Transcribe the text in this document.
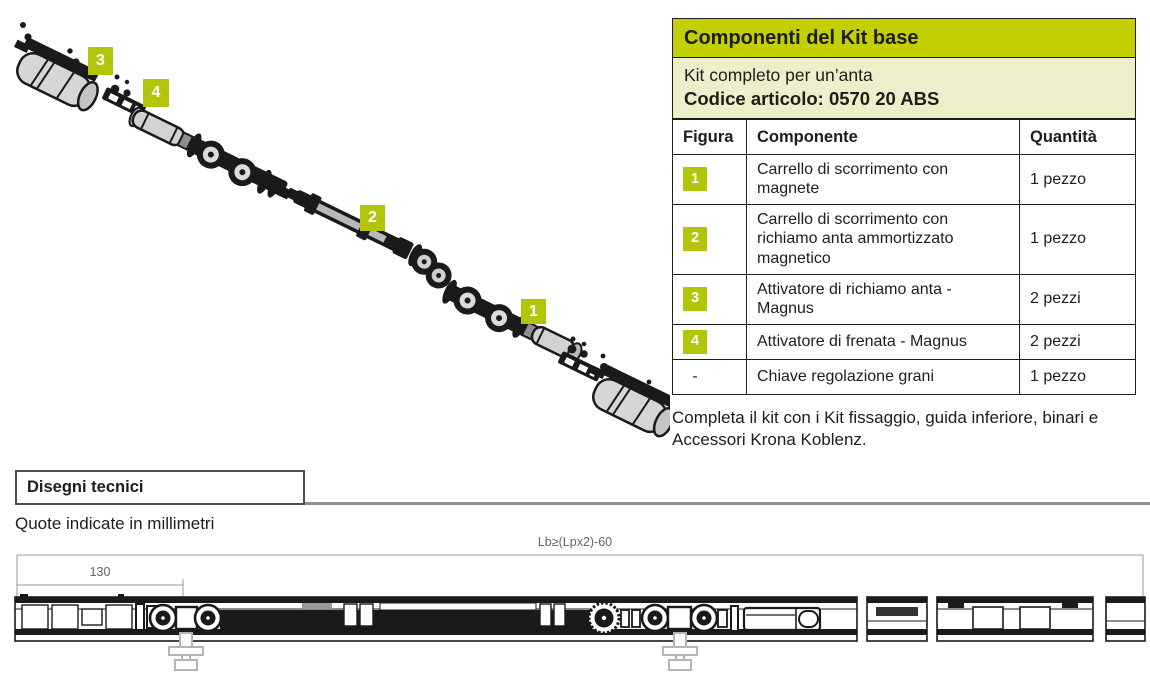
3
4
2
1
Componenti del Kit base
Kit completo per un’anta
Codice articolo: 0570 20 ABS
Figura	Componente	Quantità
1	Carrello di scorrimento con magnete	1 pezzo
2	Carrello di scorrimento con richiamo anta ammortizzato magnetico	1 pezzo
3	Attivatore di richiamo anta - Magnus	2 pezzi
4	Attivatore di frenata - Magnus	2 pezzi
-	Chiave regolazione grani	1 pezzo
Completa il kit con i Kit fissaggio, guida inferiore, binari e Accessori Krona Koblenz.
Disegni tecnici
Quote indicate in millimetri
Lb≥(Lpx2)-60
130
